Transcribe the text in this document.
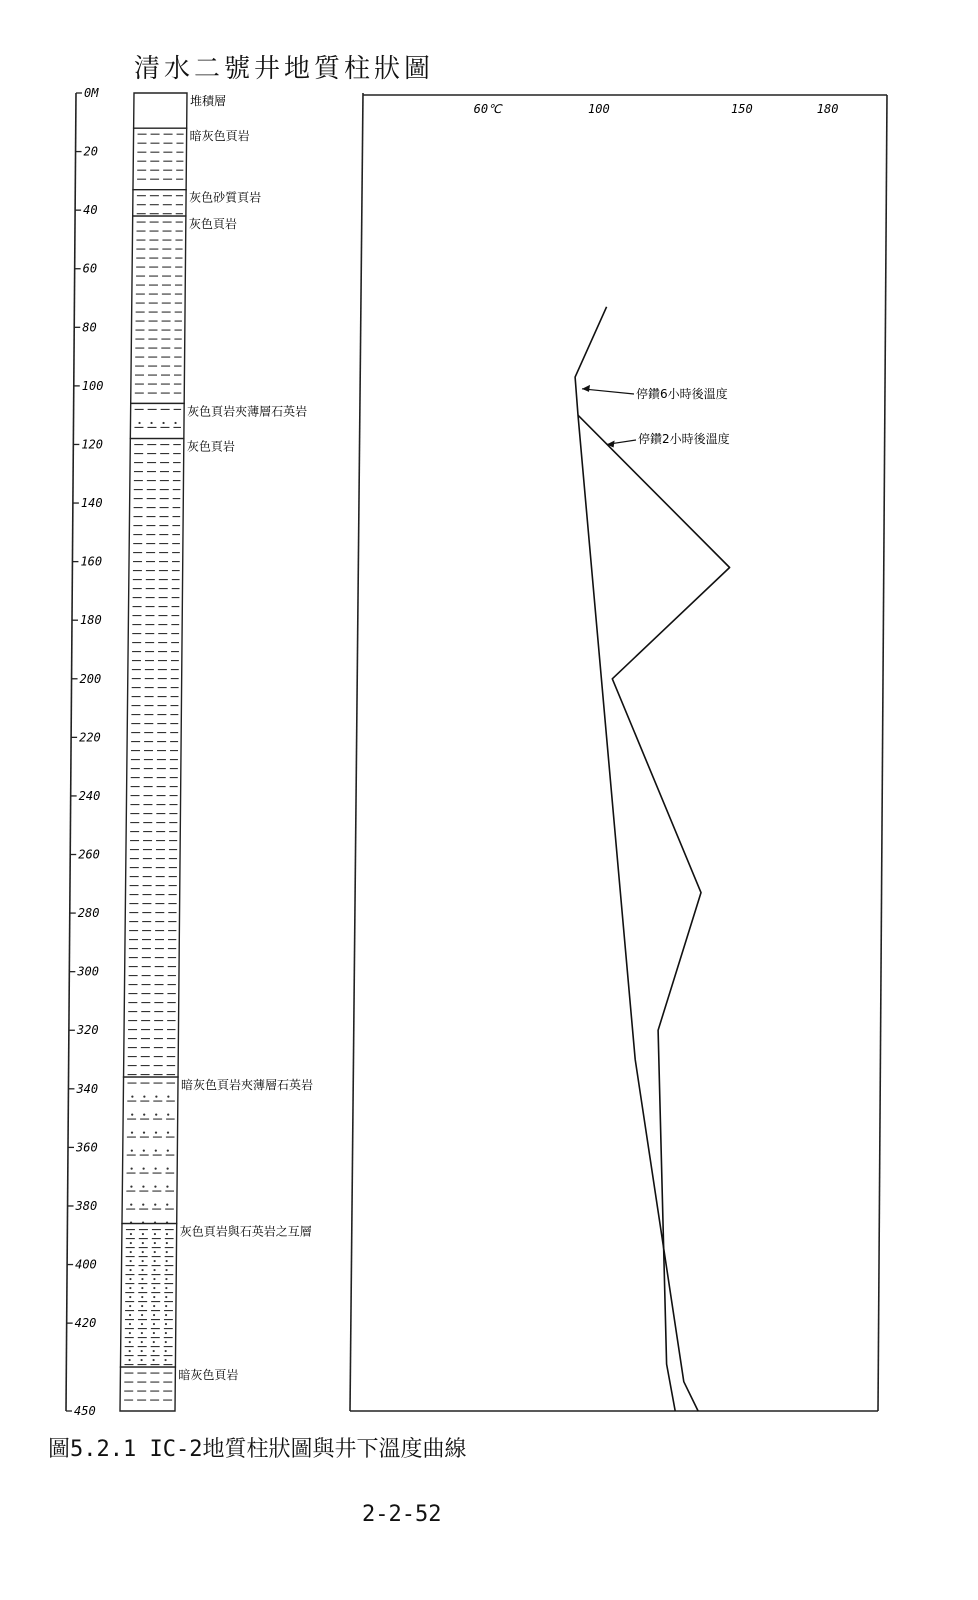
清水二號井地質柱狀圖
0M
20
40
60
80
100
120
140
160
180
200
220
240
260
280
300
320
340
360
380
400
420
450
60℃	100	150	180
堆積層
暗灰色頁岩
灰色砂質頁岩
灰色頁岩
灰色頁岩夾薄層石英岩
灰色頁岩
暗灰色頁岩夾薄層石英岩
灰色頁岩與石英岩之互層
暗灰色頁岩
停鑽6小時後溫度
停鑽2小時後溫度
圖5.2.1 IC-2地質柱狀圖與井下溫度曲線
2-2-52
